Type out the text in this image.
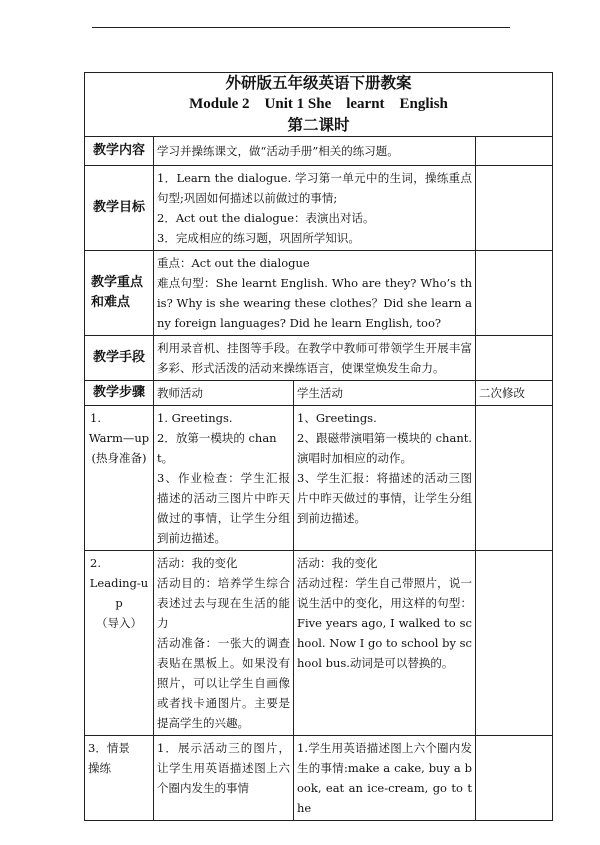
外研版五年级英语下册教案
Module 2    Unit 1 She    learnt    English
第二课时			

教学内容	学习并操练课文，做“活动手册”相关的练习题。		
教学目标	1．Learn the dialogue. 学习第一单元中的生词，操练重点句型;巩固如何描述以前做过的事情;
2．Act out the dialogue：表演出对话。
3．完成相应的练习题，巩固所学知识。		

教学重点和难点	重点：Act out the dialogue
难点句型：She learnt English. Who are they? Who’s this? Why is she wearing these clothes？Did she learn any foreign languages? Did he learn English, too?		

教学手段	利用录音机、挂图等手段。在教学中教师可带领学生开展丰富多彩、形式活泼的活动来操练语言，使课堂焕发生命力。		
教学步骤	教师活动	学生活动	二次修改

1.
Warm—up
(热身准备)	1. Greetings.
2．放第一模块的 chant。
3、作业检查：学生汇报描述的活动三图片中昨天做过的事情，让学生分组到前边描述。	1、Greetings.
2、跟磁带演唱第一模块的 chant. 演唱时加相应的动作。
3、学生汇报：将描述的活动三图片中昨天做过的事情，让学生分组到前边描述。	

2.
Leading-up
（导入）	活动：我的变化
活动目的：培养学生综合表述过去与现在生活的能力
活动准备：一张大的调查表贴在黑板上。如果没有照片，可以让学生自画像或者找卡通图片。主要是提高学生的兴趣。	活动：我的变化
活动过程：学生自己带照片，说一说生活中的变化，用这样的句型：Five years ago, I walked to school. Now I go to school by school bus.动词是可以替换的。	

3．情景
操练	1．展示活动三的图片，让学生用英语描述图上六个圈内发生的事情	1.学生用英语描述图上六个圈内发生的事情:make a cake, buy a book, eat an ice-cream, go to the	
